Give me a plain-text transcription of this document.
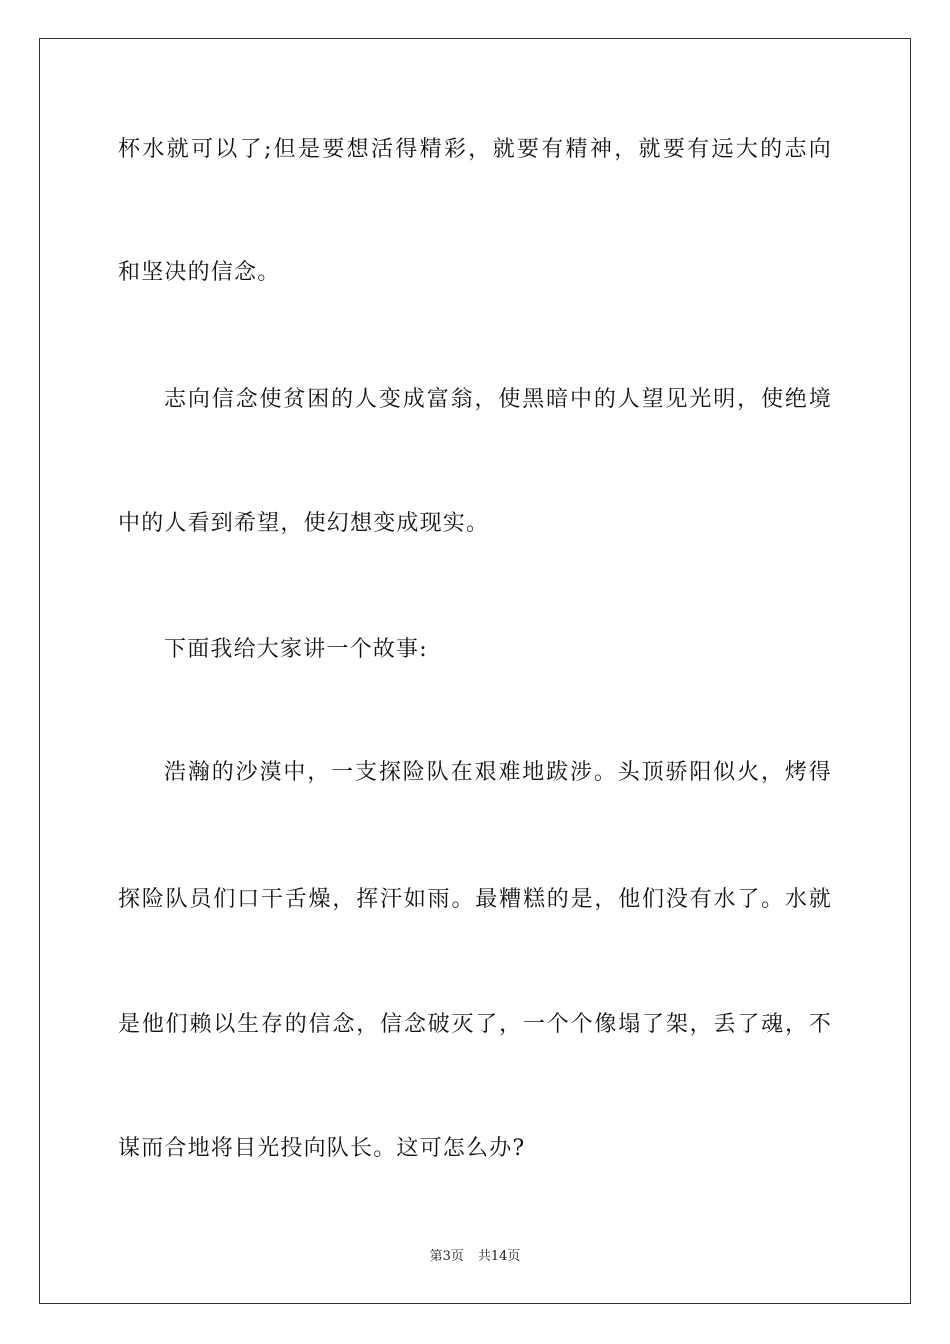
杯水就可以了;但是要想活得精彩，就要有精神，就要有远大的志向
和坚决的信念。
志向信念使贫困的人变成富翁，使黑暗中的人望见光明，使绝境
中的人看到希望，使幻想变成现实。
下面我给大家讲一个故事:
浩瀚的沙漠中，一支探险队在艰难地跋涉。头顶骄阳似火，烤得
探险队员们口干舌燥，挥汗如雨。最糟糕的是，他们没有水了。水就
是他们赖以生存的信念，信念破灭了，一个个像塌了架，丢了魂，不
谋而合地将目光投向队长。这可怎么办?
第3页 共14页
